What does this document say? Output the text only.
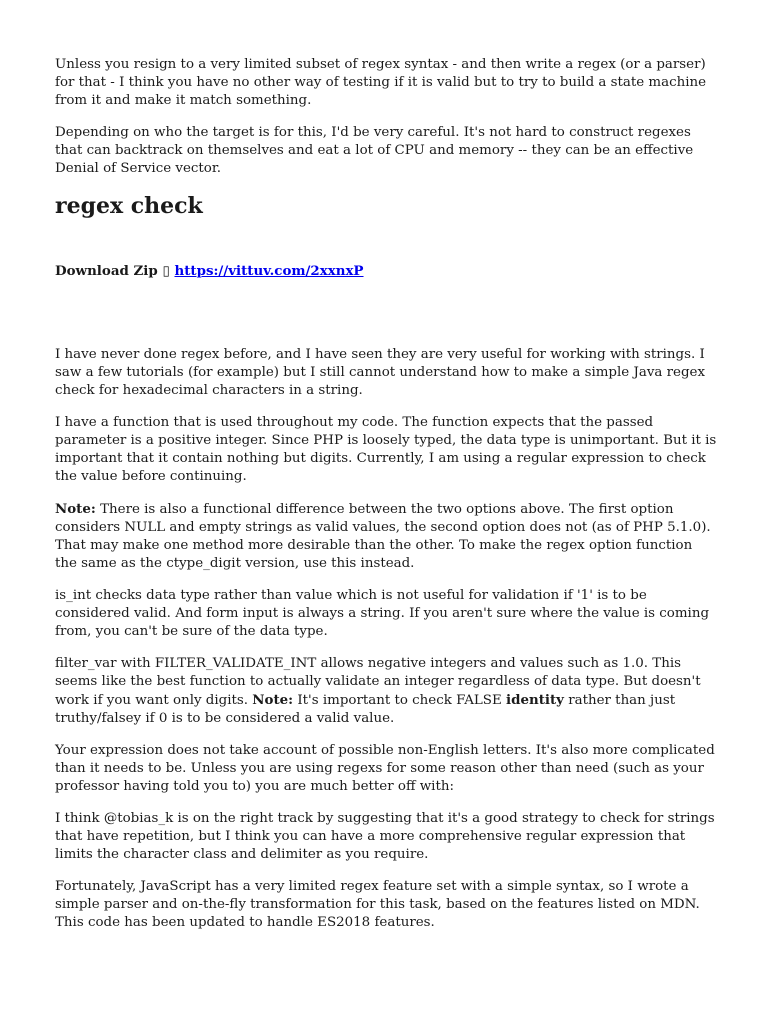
Unless you resign to a very limited subset of regex syntax - and then write a regex (or a parser) for that - I think you have no other way of testing if it is valid but to try to build a state machine from it and make it match something.

Depending on who the target is for this, I'd be very careful. It's not hard to construct regexes that can backtrack on themselves and eat a lot of CPU and memory -- they can be an effective Denial of Service vector.

regex check

Download Zip ▯ https://vittuv.com/2xxnxP

I have never done regex before, and I have seen they are very useful for working with strings. I saw a few tutorials (for example) but I still cannot understand how to make a simple Java regex check for hexadecimal characters in a string.

I have a function that is used throughout my code. The function expects that the passed parameter is a positive integer. Since PHP is loosely typed, the data type is unimportant. But it is important that it contain nothing but digits. Currently, I am using a regular expression to check the value before continuing.

Note: There is also a functional difference between the two options above. The first option considers NULL and empty strings as valid values, the second option does not (as of PHP 5.1.0). That may make one method more desirable than the other. To make the regex option function the same as the ctype_digit version, use this instead.

is_int checks data type rather than value which is not useful for validation if '1' is to be considered valid. And form input is always a string. If you aren't sure where the value is coming from, you can't be sure of the data type.

filter_var with FILTER_VALIDATE_INT allows negative integers and values such as 1.0. This seems like the best function to actually validate an integer regardless of data type. But doesn't work if you want only digits. Note: It's important to check FALSE identity rather than just truthy/falsey if 0 is to be considered a valid value.

Your expression does not take account of possible non-English letters. It's also more complicated than it needs to be. Unless you are using regexs for some reason other than need (such as your professor having told you to) you are much better off with:

I think @tobias_k is on the right track by suggesting that it's a good strategy to check for strings that have repetition, but I think you can have a more comprehensive regular expression that limits the character class and delimiter as you require.

Fortunately, JavaScript has a very limited regex feature set with a simple syntax, so I wrote a simple parser and on-the-fly transformation for this task, based on the features listed on MDN. This code has been updated to handle ES2018 features.
